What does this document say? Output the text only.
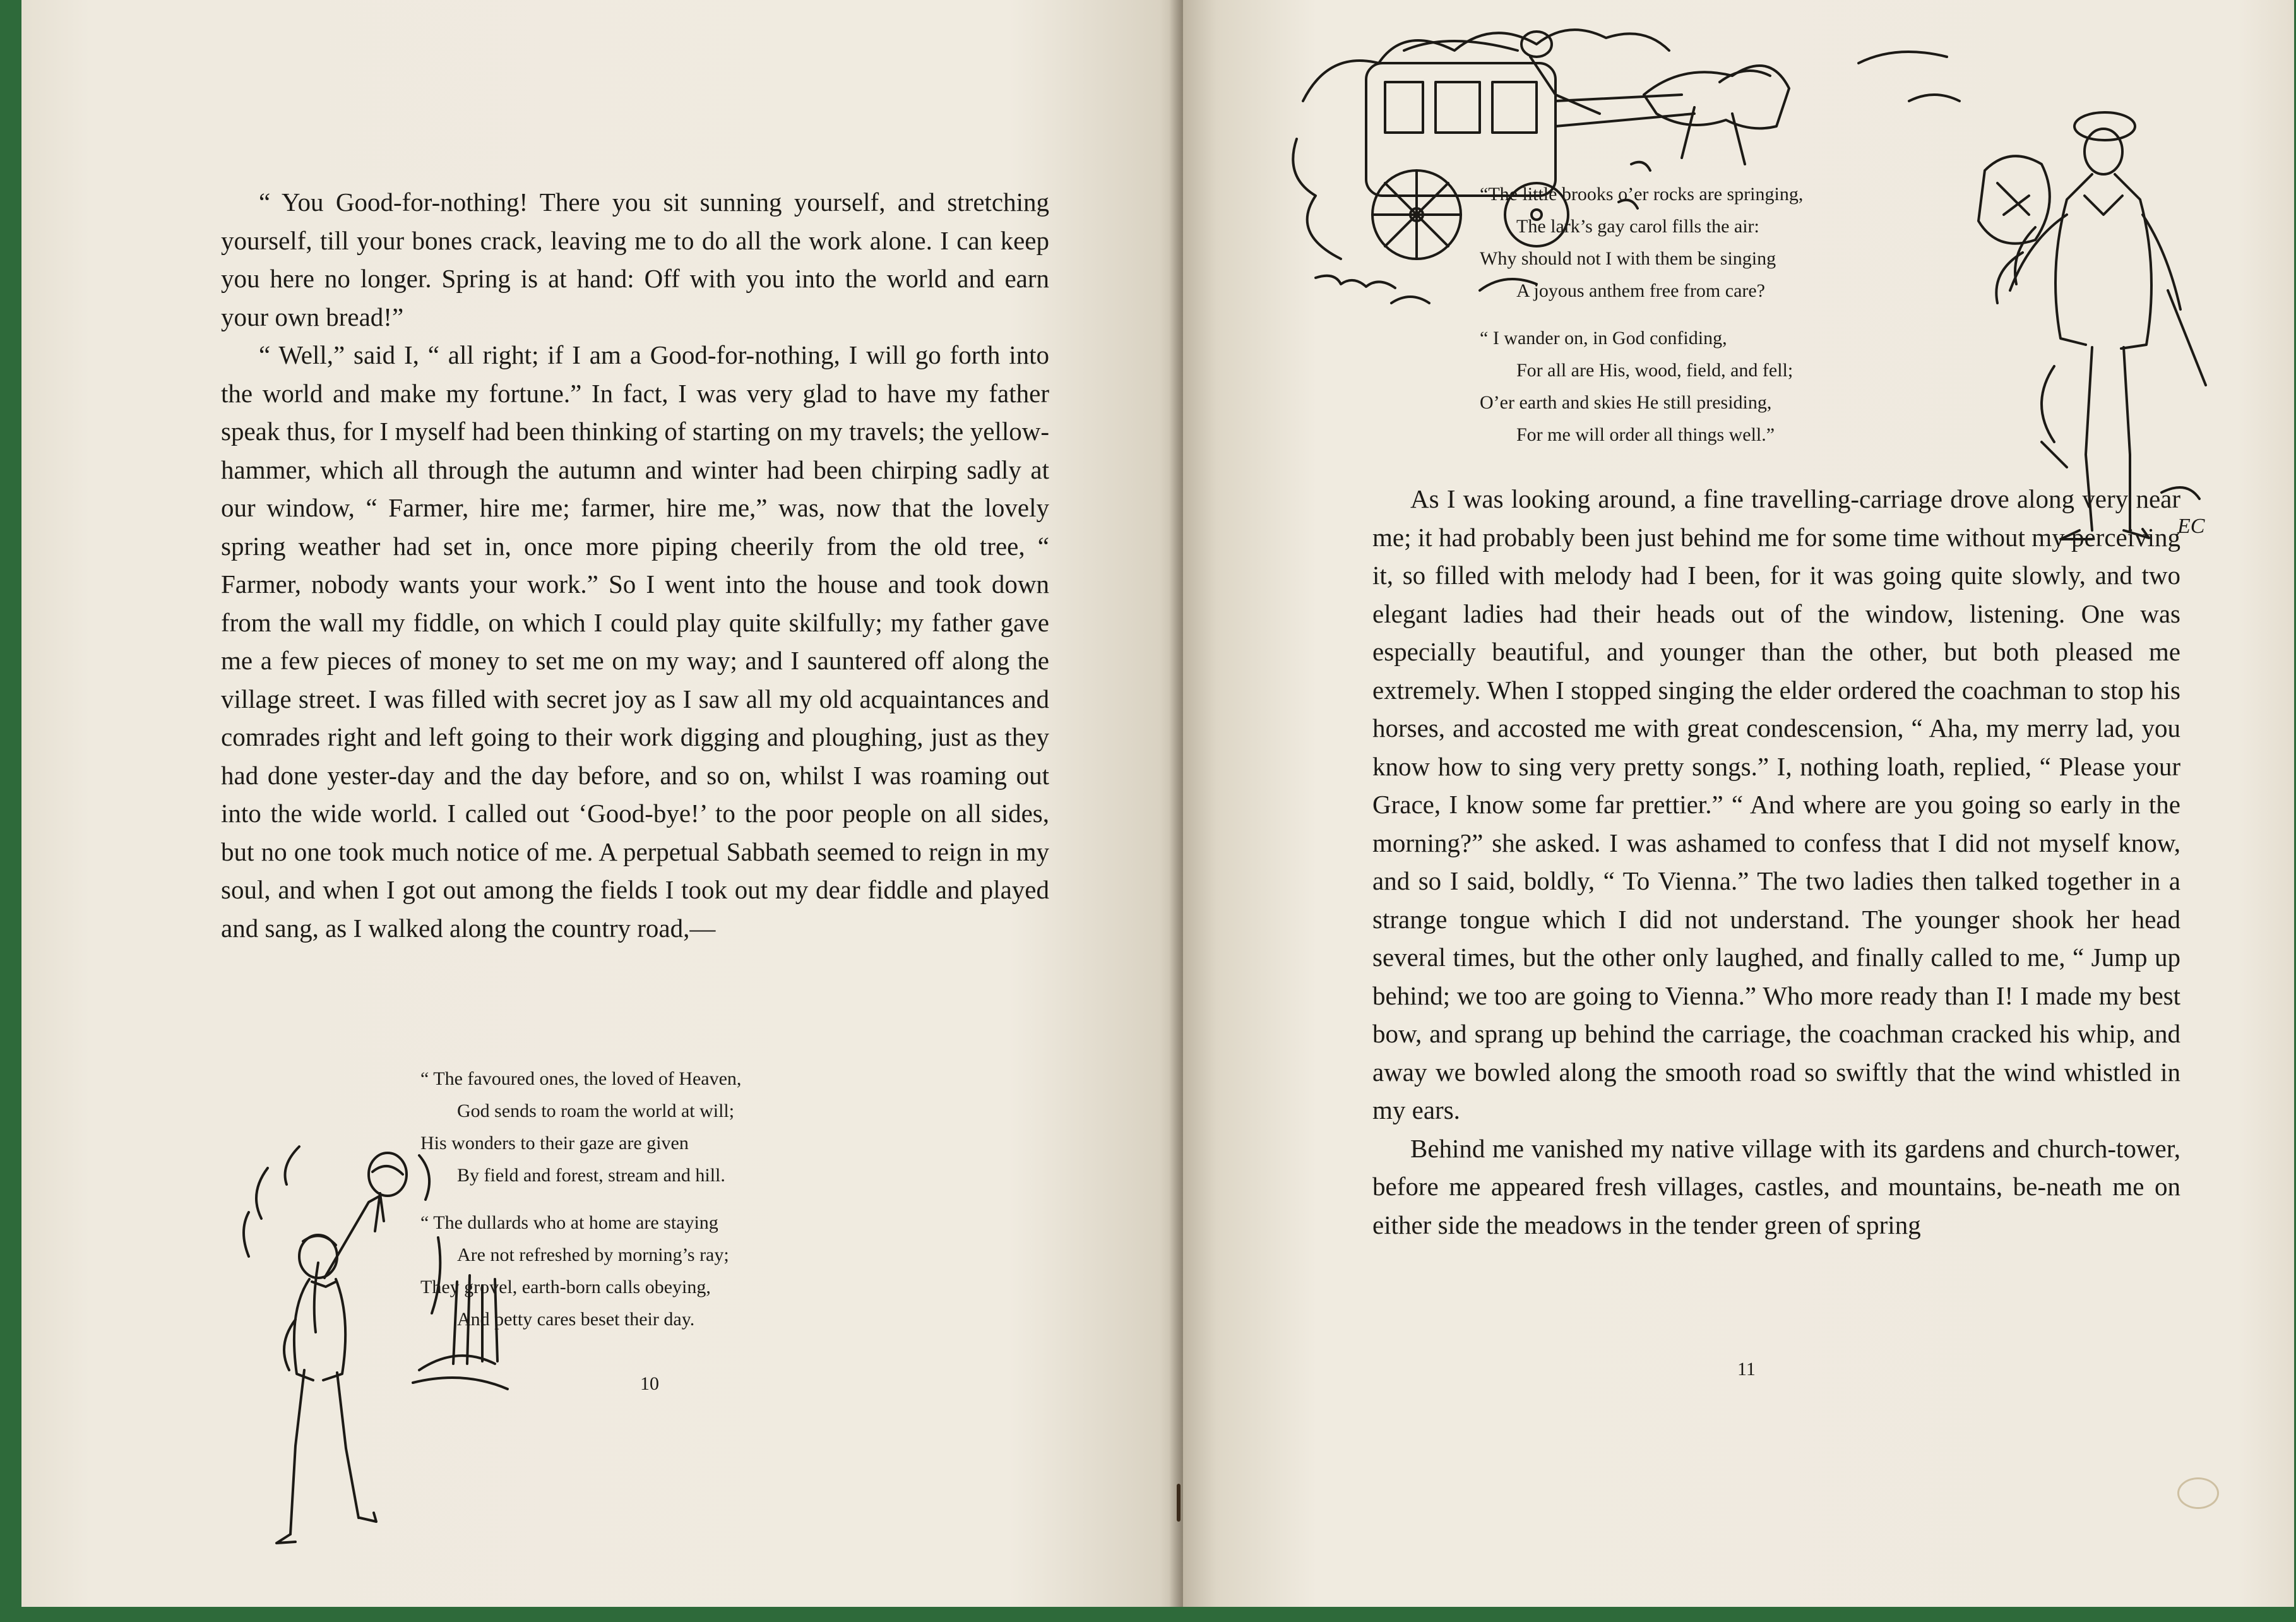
“ You Good-for-nothing! There you sit sunning yourself, and stretching yourself, till your bones crack, leaving me to do all the work alone. I can keep you here no longer. Spring is at hand: Off with you into the world and earn your own bread!”

“ Well,” said I, “ all right; if I am a Good-for-nothing, I will go forth into the world and make my fortune.” In fact, I was very glad to have my father speak thus, for I myself had been thinking of starting on my travels; the yellow-hammer, which all through the autumn and winter had been chirping sadly at our window, “ Farmer, hire me; farmer, hire me,” was, now that the lovely spring weather had set in, once more piping cheerily from the old tree, “ Farmer, nobody wants your work.” So I went into the house and took down from the wall my fiddle, on which I could play quite skilfully; my father gave me a few pieces of money to set me on my way; and I sauntered off along the village street. I was filled with secret joy as I saw all my old acquaintances and comrades right and left going to their work digging and ploughing, just as they had done yester-day and the day before, and so on, whilst I was roaming out into the wide world. I called out ‘Good-bye!’ to the poor people on all sides, but no one took much notice of me. A perpetual Sabbath seemed to reign in my soul, and when I got out among the fields I took out my dear fiddle and played and sang, as I walked along the country road,—

“ The favoured ones, the loved of Heaven,
God sends to roam the world at will;
His wonders to their gaze are given
By field and forest, stream and hill.
“ The dullards who at home are staying
Are not refreshed by morning’s ray;
They grovel, earth-born calls obeying,
And petty cares beset their day.
10
“The little brooks o’er rocks are springing,
The lark’s gay carol fills the air:
Why should not I with them be singing
A joyous anthem free from care?
“ I wander on, in God confiding,
For all are His, wood, field, and fell;
O’er earth and skies He still presiding,
For me will order all things well.”
EC

As I was looking around, a fine travelling-carriage drove along very near me; it had probably been just behind me for some time without my perceiving it, so filled with melody had I been, for it was going quite slowly, and two elegant ladies had their heads out of the window, listening. One was especially beautiful, and younger than the other, but both pleased me extremely. When I stopped singing the elder ordered the coachman to stop his horses, and accosted me with great condescension, “ Aha, my merry lad, you know how to sing very pretty songs.” I, nothing loath, replied, “ Please your Grace, I know some far prettier.” “ And where are you going so early in the morning?” she asked. I was ashamed to confess that I did not myself know, and so I said, boldly, “ To Vienna.” The two ladies then talked together in a strange tongue which I did not understand. The younger shook her head several times, but the other only laughed, and finally called to me, “ Jump up behind; we too are going to Vienna.” Who more ready than I! I made my best bow, and sprang up behind the carriage, the coachman cracked his whip, and away we bowled along the smooth road so swiftly that the wind whistled in my ears.

Behind me vanished my native village with its gardens and church-tower, before me appeared fresh villages, castles, and mountains, be-neath me on either side the meadows in the tender green of spring

11
